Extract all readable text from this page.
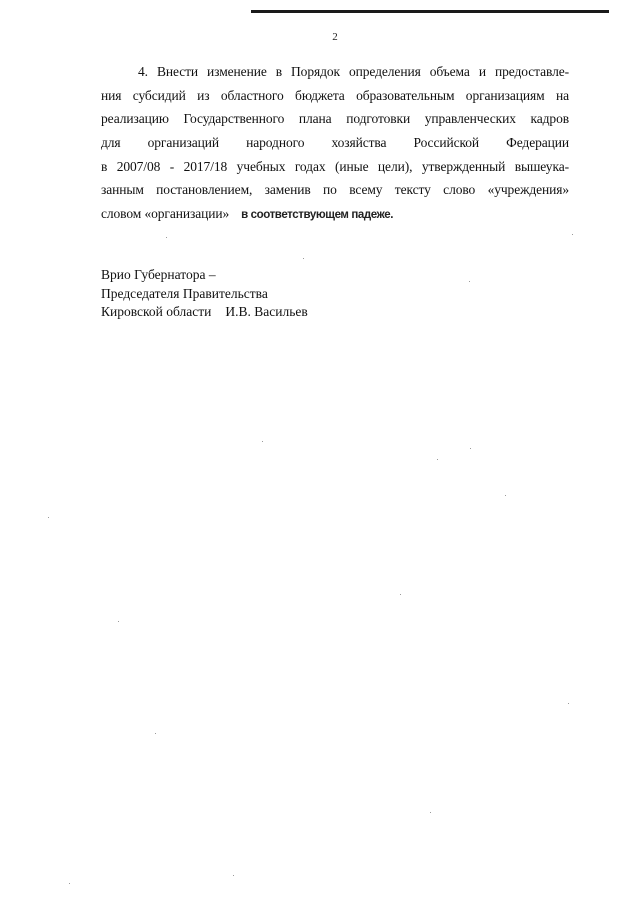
2
4. Внести изменение в Порядок определения объема и предоставле-
ния субсидий из областного бюджета образовательным организациям на
реализацию Государственного плана подготовки управленческих кадров
для организаций народного хозяйства Российской Федерации
в 2007/08 - 2017/18 учебных годах (иные цели), утвержденный вышеука-
занным постановлением, заменив по всему тексту слово «учреждения»
словом «организации» в соответствующем падеже.
Врио Губернатора –
Председателя Правительства
Кировской области И.В. Васильев
